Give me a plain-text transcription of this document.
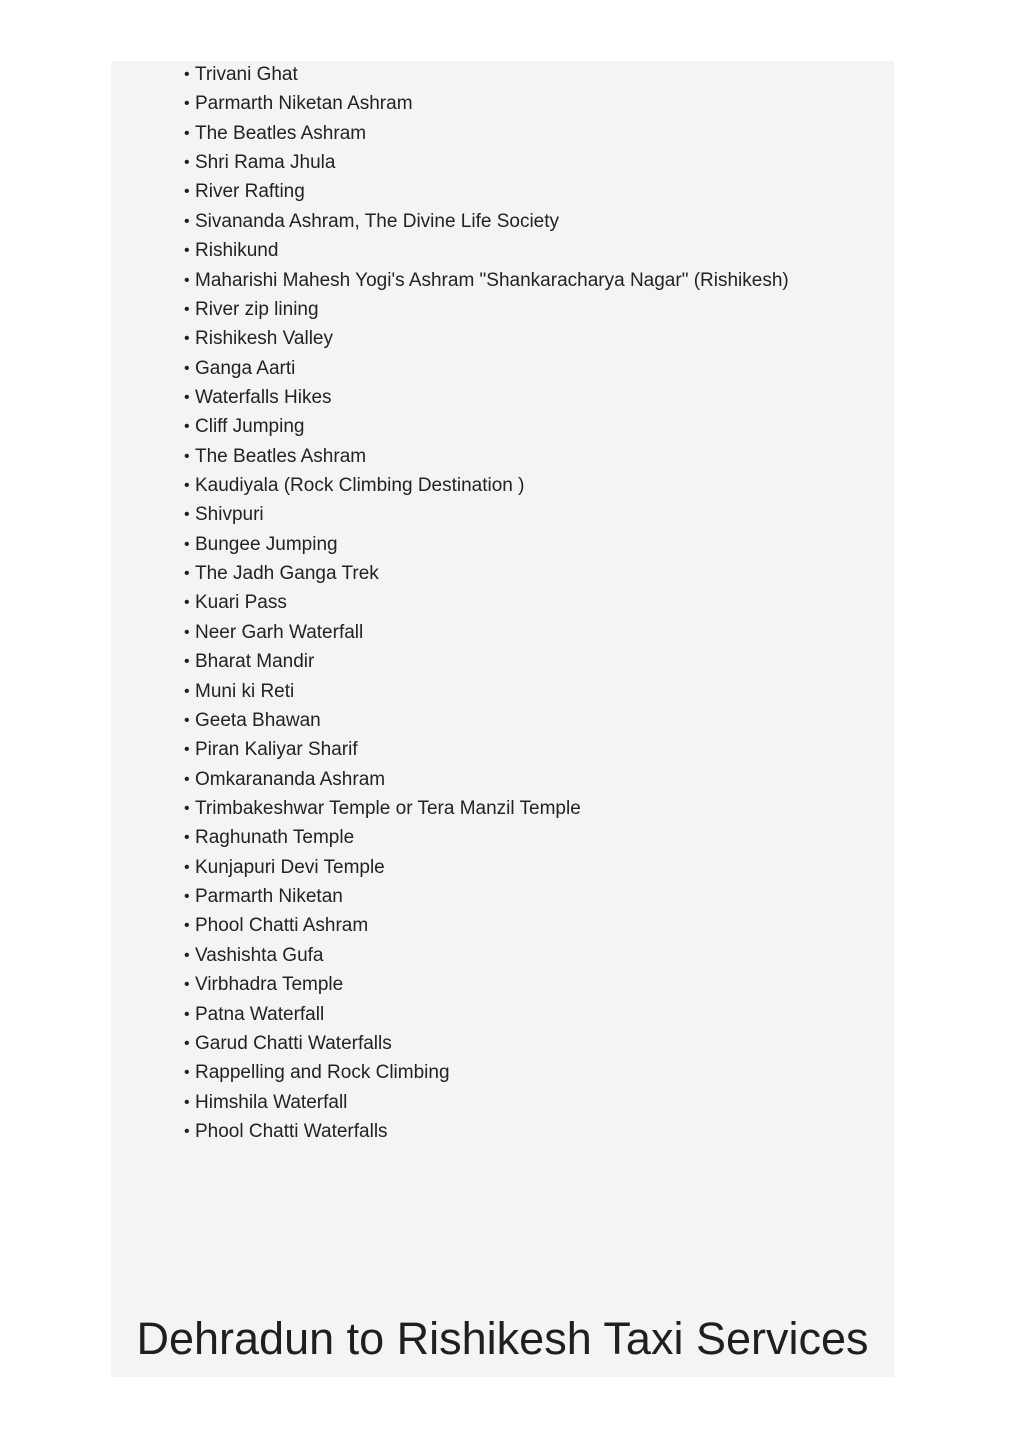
• Trivani Ghat
• Parmarth Niketan Ashram
• The Beatles Ashram
• Shri Rama Jhula
• River Rafting
• Sivananda Ashram, The Divine Life Society
• Rishikund
• Maharishi Mahesh Yogi's Ashram "Shankaracharya Nagar" (Rishikesh)
• River zip lining
• Rishikesh Valley
• Ganga Aarti
• Waterfalls Hikes
• Cliff Jumping
• The Beatles Ashram
• Kaudiyala (Rock Climbing Destination )
• Shivpuri
• Bungee Jumping
• The Jadh Ganga Trek
• Kuari Pass
• Neer Garh Waterfall
• Bharat Mandir
• Muni ki Reti
• Geeta Bhawan
• Piran Kaliyar Sharif
• Omkarananda Ashram
• Trimbakeshwar Temple or Tera Manzil Temple
• Raghunath Temple
• Kunjapuri Devi Temple
• Parmarth Niketan
• Phool Chatti Ashram
• Vashishta Gufa
• Virbhadra Temple
• Patna Waterfall
• Garud Chatti Waterfalls
• Rappelling and Rock Climbing
• Himshila Waterfall
• Phool Chatti Waterfalls
Dehradun to Rishikesh Taxi Services
